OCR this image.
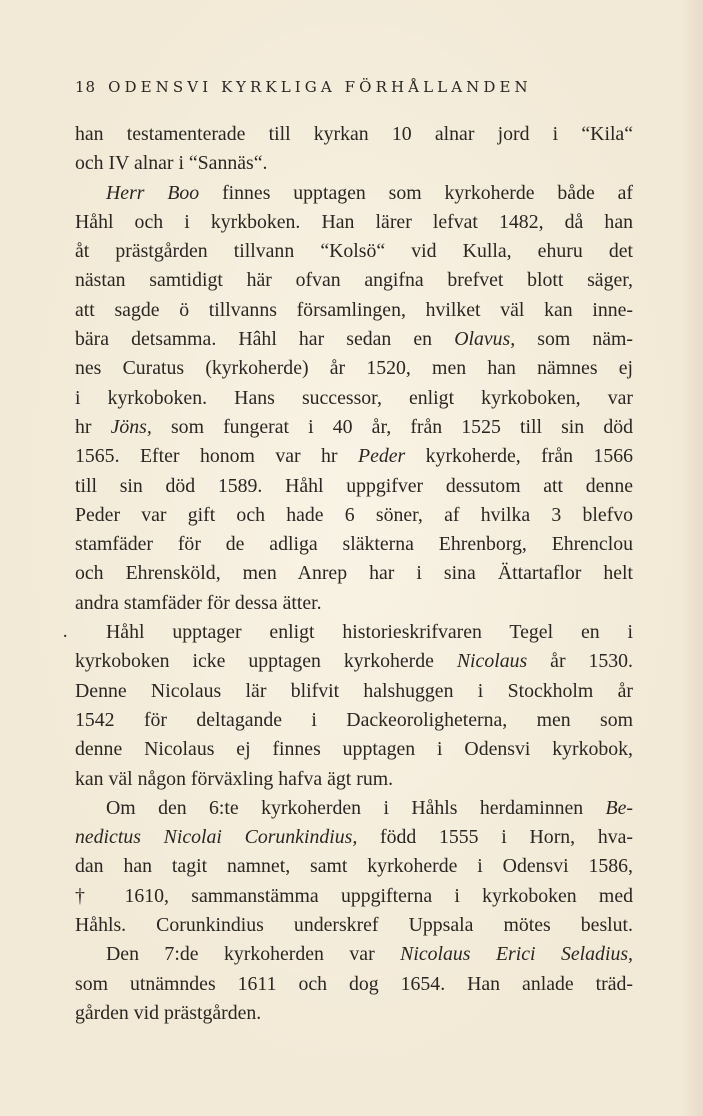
18 ODENSVI KYRKLIGA FÖRHÅLLANDEN
·
han testamenterade till kyrkan 10 alnar jord i “Kila“
och IV alnar i “Sannäs“.
Herr Boo finnes upptagen som kyrkoherde både af
Håhl och i kyrkboken. Han lärer lefvat 1482, då han
åt prästgården tillvann “Kolsö“ vid Kulla, ehuru det
nästan samtidigt här ofvan angifna brefvet blott säger,
att sagde ö tillvanns församlingen, hvilket väl kan inne-
bära detsamma. Hâhl har sedan en Olavus, som näm-
nes Curatus (kyrkoherde) år 1520, men han nämnes ej
i kyrkoboken. Hans successor, enligt kyrkoboken, var
hr Jöns, som fungerat i 40 år, från 1525 till sin död
1565. Efter honom var hr Peder kyrkoherde, från 1566
till sin död 1589. Håhl uppgifver dessutom att denne
Peder var gift och hade 6 söner, af hvilka 3 blefvo
stamfäder för de adliga släkterna Ehrenborg, Ehrenclou
och Ehrensköld, men Anrep har i sina Ättartaflor helt
andra stamfäder för dessa ätter.
Håhl upptager enligt historieskrifvaren Tegel en i
kyrkoboken icke upptagen kyrkoherde Nicolaus år 1530.
Denne Nicolaus lär blifvit halshuggen i Stockholm år
1542 för deltagande i Dackeoroligheterna, men som
denne Nicolaus ej finnes upptagen i Odensvi kyrkobok,
kan väl någon förväxling hafva ägt rum.
Om den 6:te kyrkoherden i Håhls herdaminnen Be-
nedictus Nicolai Corunkindius, född 1555 i Horn, hva-
dan han tagit namnet, samt kyrkoherde i Odensvi 1586,
† 1610, sammanstämma uppgifterna i kyrkoboken med
Håhls. Corunkindius underskref Uppsala mötes beslut.
Den 7:de kyrkoherden var Nicolaus Erici Seladius,
som utnämndes 1611 och dog 1654. Han anlade träd-
gården vid prästgården.
